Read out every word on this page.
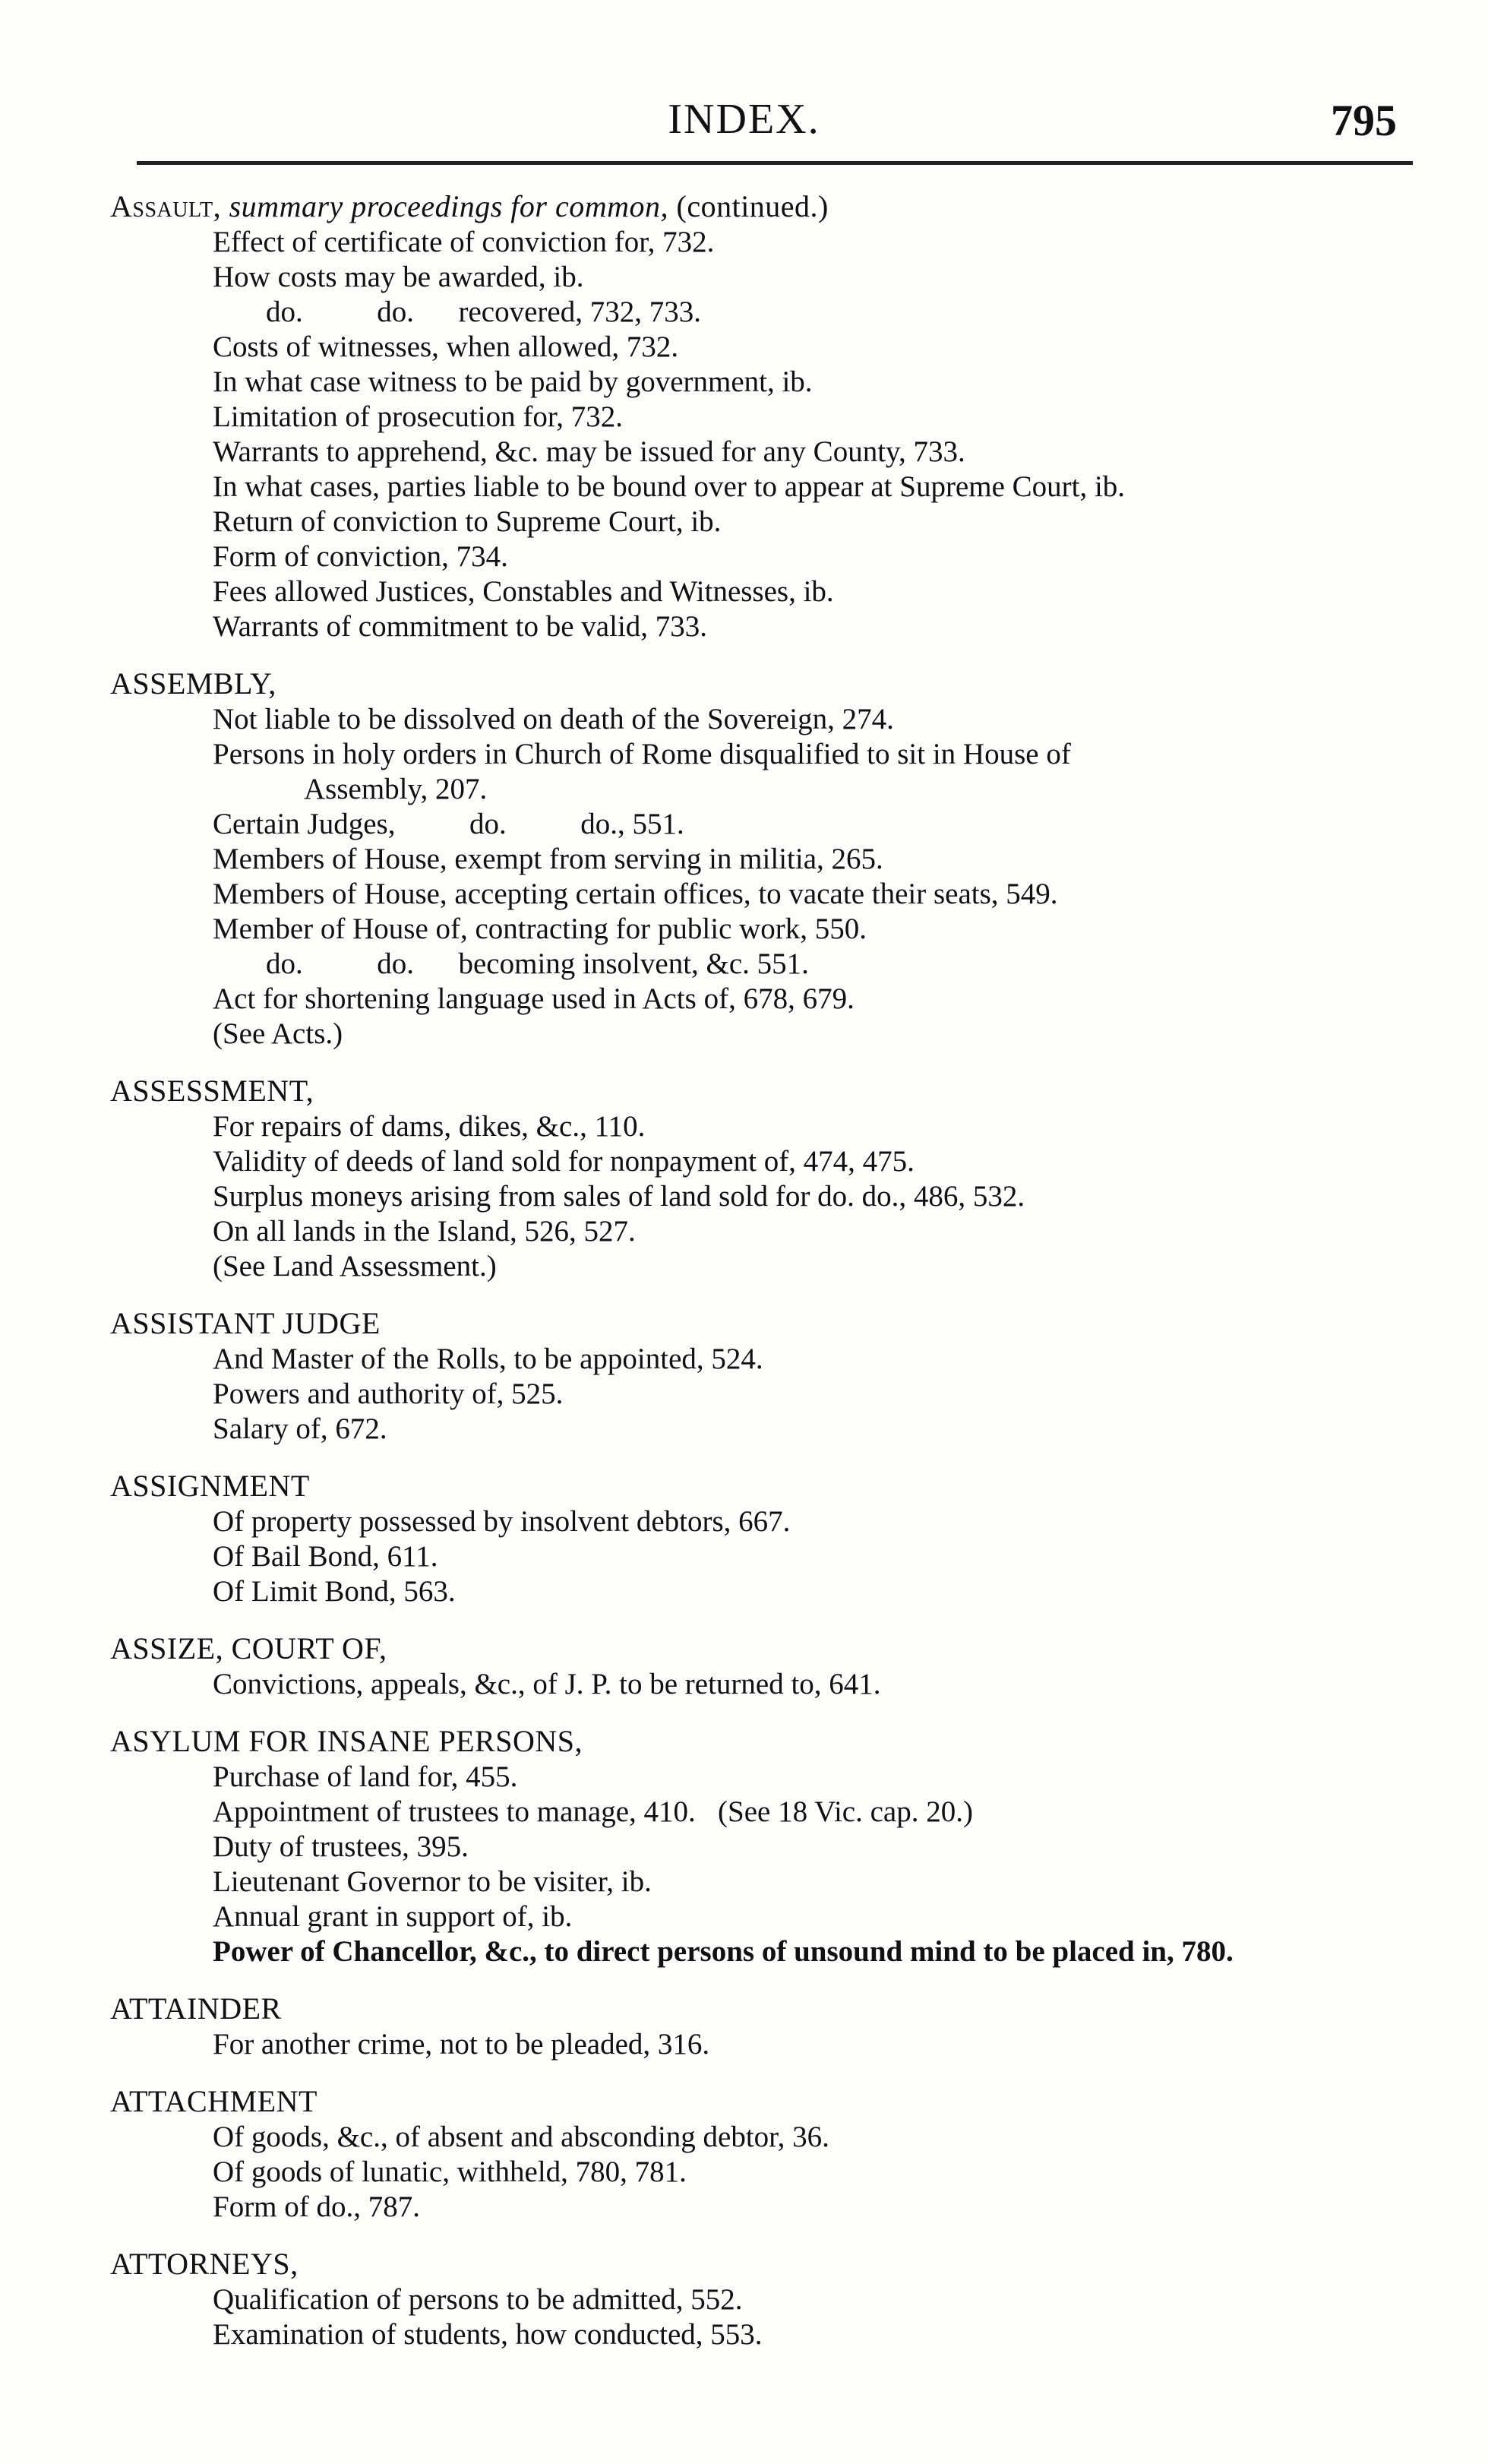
INDEX.	795
Assault, summary proceedings for common, (continued.)
Effect of certificate of conviction for, 732.
How costs may be awarded, ib.
do.          do.      recovered, 732, 733.
Costs of witnesses, when allowed, 732.
In what case witness to be paid by government, ib.
Limitation of prosecution for, 732.
Warrants to apprehend, &c. may be issued for any County, 733.
In what cases, parties liable to be bound over to appear at Supreme Court, ib.
Return of conviction to Supreme Court, ib.
Form of conviction, 734.
Fees allowed Justices, Constables and Witnesses, ib.
Warrants of commitment to be valid, 733.
ASSEMBLY,
Not liable to be dissolved on death of the Sovereign, 274.
Persons in holy orders in Church of Rome disqualified to sit in House of
Assembly, 207.
Certain Judges,          do.          do., 551.
Members of House, exempt from serving in militia, 265.
Members of House, accepting certain offices, to vacate their seats, 549.
Member of House of, contracting for public work, 550.
do.          do.      becoming insolvent, &c. 551.
Act for shortening language used in Acts of, 678, 679.
(See Acts.)
ASSESSMENT,
For repairs of dams, dikes, &c., 110.
Validity of deeds of land sold for nonpayment of, 474, 475.
Surplus moneys arising from sales of land sold for do. do., 486, 532.
On all lands in the Island, 526, 527.
(See Land Assessment.)
ASSISTANT JUDGE
And Master of the Rolls, to be appointed, 524.
Powers and authority of, 525.
Salary of, 672.
ASSIGNMENT
Of property possessed by insolvent debtors, 667.
Of Bail Bond, 611.
Of Limit Bond, 563.
ASSIZE, COURT OF,
Convictions, appeals, &c., of J. P. to be returned to, 641.
ASYLUM FOR INSANE PERSONS,
Purchase of land for, 455.
Appointment of trustees to manage, 410.   (See 18 Vic. cap. 20.)
Duty of trustees, 395.
Lieutenant Governor to be visiter, ib.
Annual grant in support of, ib.
Power of Chancellor, &c., to direct persons of unsound mind to be placed in, 780.
ATTAINDER
For another crime, not to be pleaded, 316.
ATTACHMENT
Of goods, &c., of absent and absconding debtor, 36.
Of goods of lunatic, withheld, 780, 781.
Form of do., 787.
ATTORNEYS,
Qualification of persons to be admitted, 552.
Examination of students, how conducted, 553.
